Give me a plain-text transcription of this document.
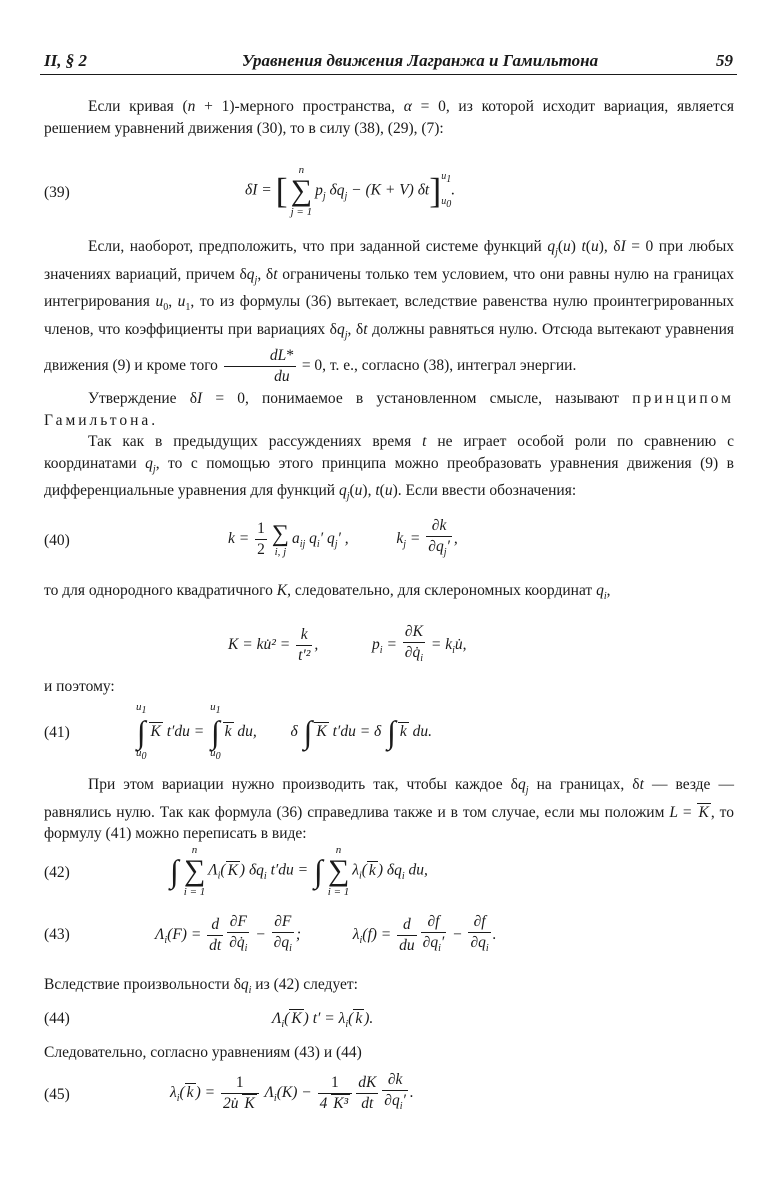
II, § 2	Уравнения движения Лагранжа и Гамильтона	59
Если кривая (n + 1)-мерного пространства, α = 0, из которой исходит вариация, является решением уравнений движения (30), то в силу (38), (29), (7):
(39)	δI = [
n
∑
j = 1
$p_j$ $\delta q_j - (K + V)$ δt] $u_1$
$u_0$
.
Если, наоборот, предположить, что при заданной системе функций $q_j(u)$ t(u), δI = 0 при любых значениях вариаций, причем $\delta q_j$, δt ограничены только тем условием, что они равны нулю на границах интегрирования $u_0$, $u_1$, то из формулы (36) вытекает, вследствие равенства нулю проинтегрированных членов, что коэффициенты при вариациях $\delta q_j$, δt должны равняться нулю. Отсюда вытекают уравнения движения (9) и кроме того $\frac{dL*}{du} = 0$, т. е., согласно (38), интеграл энергии.
Утверждение δI = 0, понимаемое в установленном смысле, называют принципом Гамильтона.
Так как в предыдущих рассуждениях время t не играет особой роли по сравнению с координатами $q_j$, то с помощью этого принципа можно преобразовать уравнения движения (9) в дифференциальные уравнения для функций $q_j(u)$, t(u). Если ввести обозначения:
(40)	$k = \frac{1}{2}$ ∑
i, j
$a_{ij}$ $q_i'$ $q_j'$ ,	$k_j = \frac{\partial k}{\partial q_j'}$ ,
то для однородного квадратичного K, следовательно, для склерономных координат $q_i$,
K = ku̇² = $\frac{k}{\text{t′²}}$ ,	$p_i = \frac{\partial K}{\partial q̇_i}$ = $k_iu̇$,
и поэтому:
(41)
$u_1$
∫
$u_0$
K t′du =
$u_1$
∫
$u_0$
k du,  δ ∫ K t′du = δ ∫ k du.
При этом вариации нужно производить так, чтобы каждое $\delta q_j$ на границах, δt — везде — равнялись нулю. Так как формула (36) справедлива также и в том случае, если мы положим L = K , то формулу (41) можно переписать в виде:
(42)	∫
n
∑
i = 1
$\Lambda_i$( K ) $\delta q_i$ t′du = ∫
n
∑
i = 1
$\lambda_i$( k ) $\delta q_i$ du,
(43)	$\Lambda_i(F) = \frac{d}{dt} \frac{\partial F}{\partial q̇_i} - \frac{\partial F}{\partial q_i}$ ;	$\lambda_i(f) = \frac{d}{du} \frac{\partial f}{\partial q_i'} - \frac{\partial f}{\partial q_i}$ .
Вследствие произвольности $\delta q_i$ из (42) следует:
(44)	$\Lambda_i$( K ) $t' = \lambda_i$( k ).
Следовательно, согласно уравнениям (43) и (44)
(45)	$\lambda_i$( k ) = $\frac{1}{2u̇ K} \Lambda_i(K) - \frac{1}{\text{4 K³}} \frac{dK}{dt} \frac{\partial k}{\partial q_i'}$ .
